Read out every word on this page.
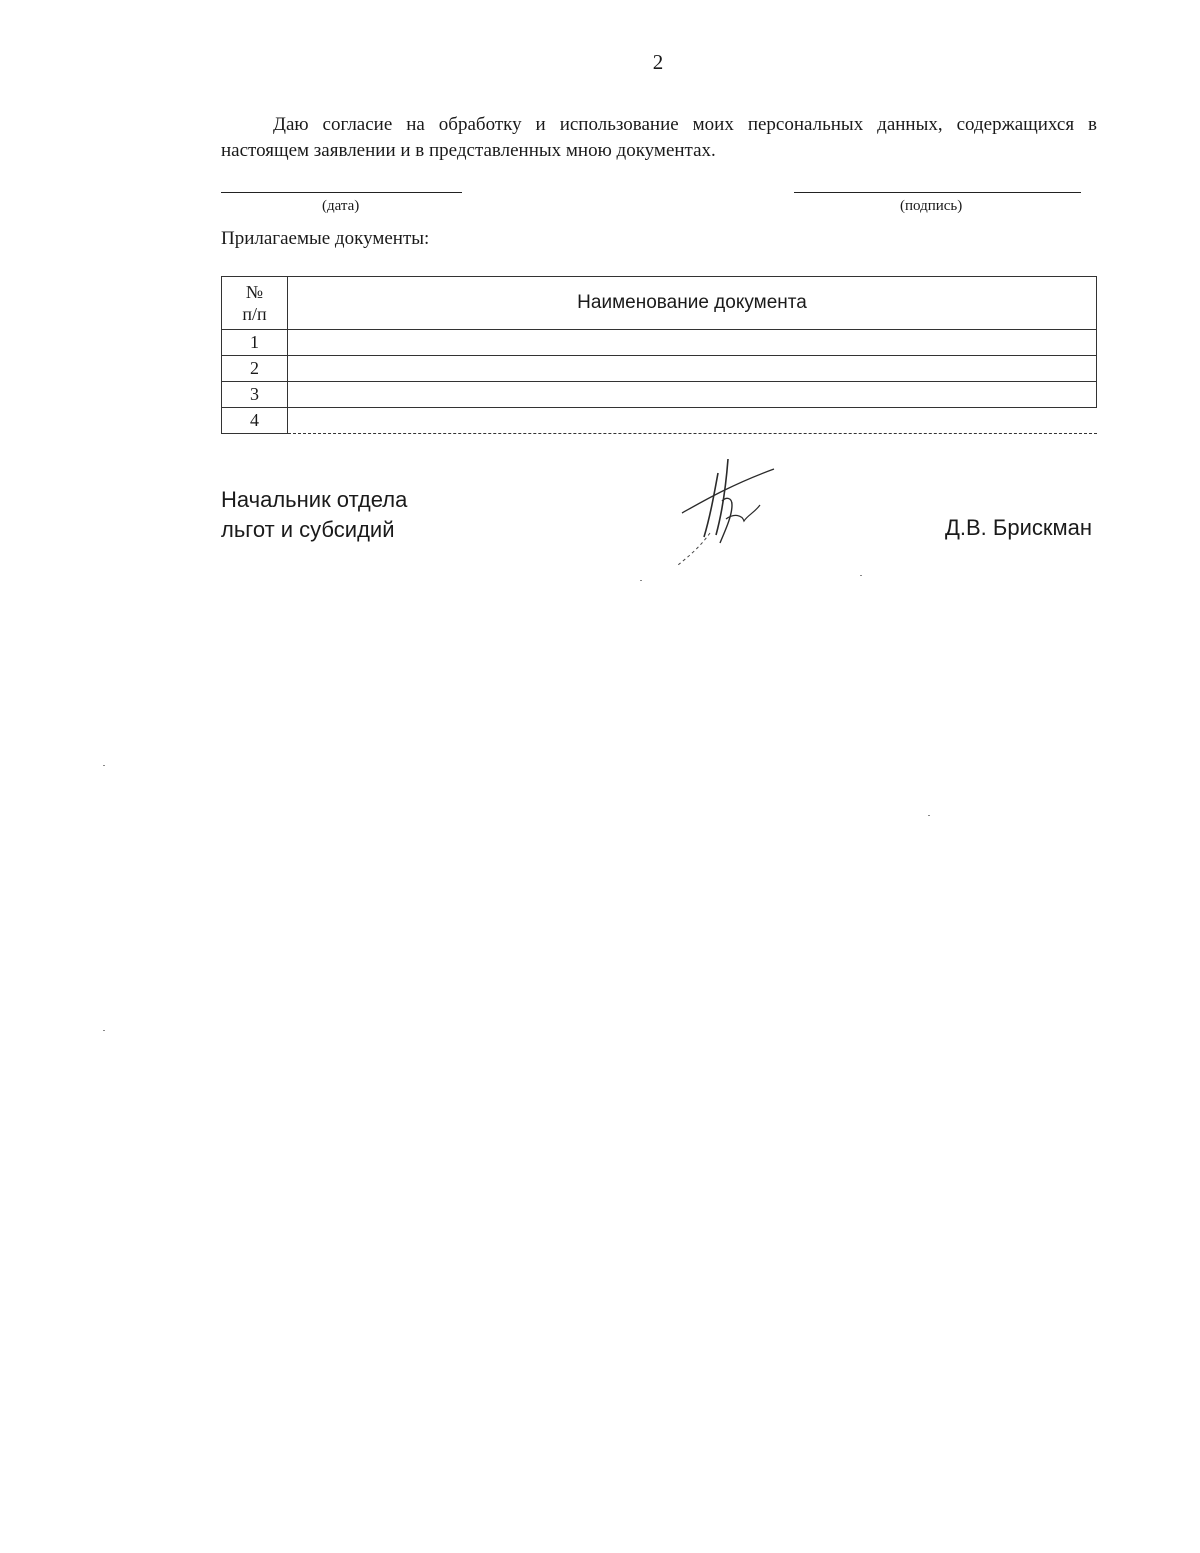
2

Даю согласие на обработку и использование моих персональных данных, содержащихся в настоящем заявлении и в представленных мною документах.

(дата)	(подпись)
Прилагаемые документы:
№
п/п	Наименование документа
1	
2	
3	
4	
Начальник отдела
льгот и субсидий	Д.В. Брискман
